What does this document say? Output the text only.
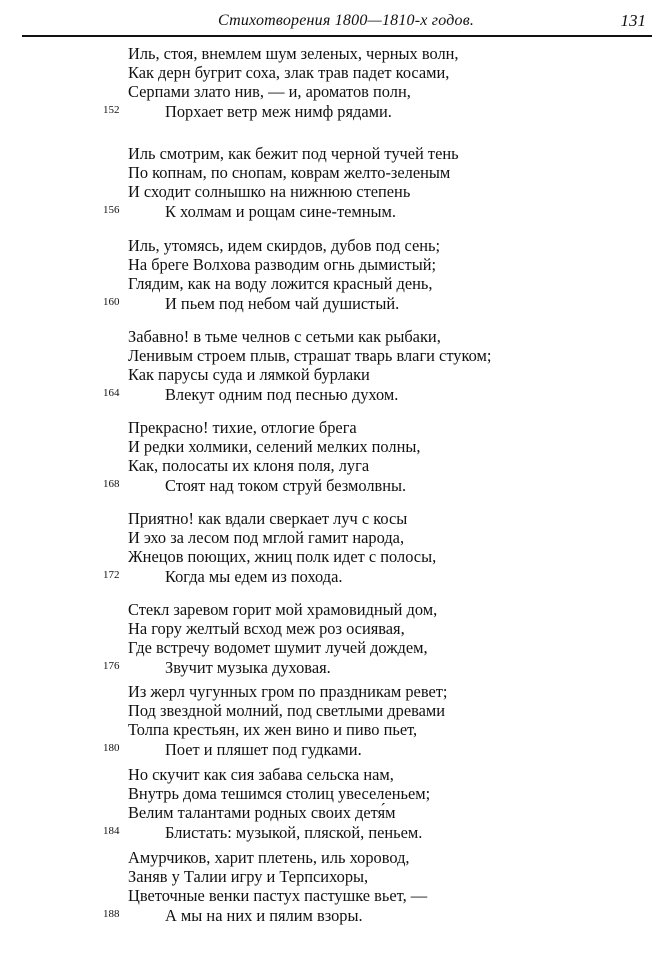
Стихотворения 1800—1810-х годов.	131
Иль, стоя, внемлем шум зеленых, черных волн,
Как дерн бугрит соха, злак трав падет косами,
Серпами злато нив, — и, ароматов полн,
Порхает ветр меж нимф рядами.
152
Иль смотрим, как бежит под черной тучей тень
По копнам, по снопам, коврам желто-зеленым
И сходит солнышко на нижнюю степень
К холмам и рощам сине-темным.
156
Иль, утомясь, идем скирдов, дубов под сень;
На бреге Волхова разводим огнь дымистый;
Глядим, как на воду ложится красный день,
И пьем под небом чай душистый.
160
Забавно! в тьме челнов с сетьми как рыбаки,
Ленивым строем плыв, страшат тварь влаги стуком;
Как парусы суда и лямкой бурлаки
Влекут одним под песнью духом.
164
Прекрасно! тихие, отлогие брега
И редки холмики, селений мелких полны,
Как, полосаты их клоня поля, луга
Стоят над током струй безмолвны.
168
Приятно! как вдали сверкает луч с косы
И эхо за лесом под мглой гамит народа,
Жнецов поющих, жниц полк идет с полосы,
Когда мы едем из похода.
172
Стекл заревом горит мой храмовидный дом,
На гору желтый всход меж роз осиявая,
Где встречу водомет шумит лучей дождем,
Звучит музыка духовая.
176
Из жерл чугунных гром по праздникам ревет;
Под звездной молний, под светлыми древами
Толпа крестьян, их жен вино и пиво пьет,
Поет и пляшет под гудками.
180
Но скучит как сия забава сельска нам,
Внутрь дома тешимся столиц увеселеньем;
Велим талантами родных своих детя́м
Блистать: музыкой, пляской, пеньем.
184
Амурчиков, харит плетень, иль хоровод,
Заняв у Талии игру и Терпсихоры,
Цветочные венки пастух пастушке вьет, —
А мы на них и пялим взоры.
188
